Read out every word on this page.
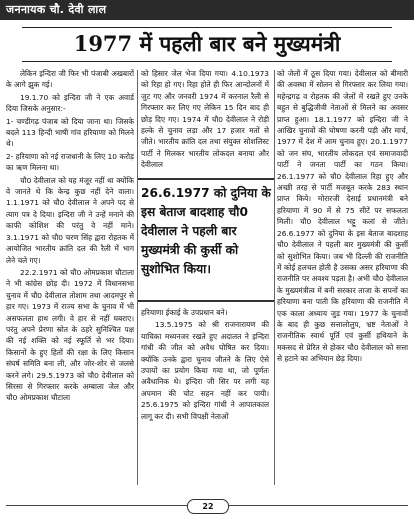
जननायक चौ. देवी लाल
1977 में पहली बार बने मुख्यमंत्री

लेकिन इन्दिरा जी फिर भी पंजाबी अखबारों के आगे झुक गई।

19.1.70 को इन्दिरा जी ने एक अवार्ड दिया जिसके अनुसार:-

1- चण्डीगढ़ पंजाब को दिया जाना था। जिसके बदले 113 हिन्दी भाषी गांव हरियाणा को मिलने थे।

2- हरियाणा को नई राजधानी के लिए 10 करोड़ का ऋण मिलना था।

चौ0 देवीलाल को यह मंजूर नहीं था क्योंकि वे जानते थे कि केन्द्र कुछ नहीं देने वाला। 1.1.1971 को चौ0 देवीलाल ने अपने पद से त्याग पत्र दे दिया। इन्दिरा जी ने उन्हें मनाने की काफी कोशिश की परंतु वे नहीं माने। 3.1.1971 को चौ0 चरण सिंह द्वारा रोहतक में आयोजित भारतीय क्रांति दल की रैली में भाग लेने चले गए।

22.2.1971 को चौ0 ओमप्रकाश चौटाला ने भी कांग्रेस छोड़ दी। 1972 में विधानसभा चुनाव में चौ0 देवीलाल तोशाम तथा आदमपुर से हार गए। 1973 में राज्य सभा के चुनाव में भी असफलता हाथ लगी। वे हार से नहीं घबराए। परंतु अपने प्रेरणा स्रोत के ठहरे सुनिश्चित पक्ष की नई शक्ति को नई स्फूर्ति से भर दिया। किसानों के हुए हितों की रक्षा के लिए किसान संघर्ष समिति बना ली, और जोर-शोर से जलसे करने लगे। 29.5.1973 को चौ0 देवीलाल को सिरसा से गिरफ्तार करके अम्बाला जेल और चौ0 ओमप्रकाश चौटाला

को हिसार जेल भेज दिया गया। 4.10.1973 को रिहा हो गए। रिहा होते ही फिर आन्दोलनों में जुट गए और जनवरी 1974 में करनाल रैली से गिरफ्तार कर लिए गए लेकिन 15 दिन बाद ही छोड़ दिए गए। 1974 में चौ0 देवीलाल ने रोड़ी हल्के से चुनाव लड़ा और 17 हजार मतों से जीते। भारतीय क्रांति दल तथा संयुक्त सोशलिस्ट पार्टी ने मिलकर भारतीय लोकदल बनाया और देवीलाल

26.6.1977 को दुनिया के इस बेताज बादशाह चौ0 देवीलाल ने पहली बार मुख्यमंत्री की कुर्सी को सुशोभित किया।

हरियाणा ईकाई के उपप्रधान बने।

13.5.1975 को श्री राजनारायण की याचिका मध्यनजर रखते हुए अदालत ने इन्दिरा गांधी की जीत को अवैध घोषित कर दिया। क्योंकि उनके द्वारा चुनाव जीतने के लिए ऐसे उपायों का प्रयोग किया गया था, जो पूर्णतः अवैधानिक थे। इन्दिरा जी सिर पर लगी यह अपमान की चोट सहन नहीं कर पायी। 25.6.1975 को इन्दिरा गांधी ने आपातकाल लागू कर दी। सभी विपक्षी नेताओं

को जेलों में ठूस दिया गया। देवीलाल को बीमारी की अवस्था में सोलन से गिरफ्तार कर लिया गया। महेन्द्रगढ़ व रोहतक की जेलों में रखते हुए उनके बहुत से बुद्धिजीवी नेताओं से मिलने का अवसर प्राप्त हुआ। 18.1.1977 को इन्दिरा जी ने आखिर चुनावों की घोषणा करनी पड़ी और मार्च, 1977 में देश में आम चुनाव हुए। 20.1.1977 को जन संघ, भारतीय लोकदल एवं समाजवादी पार्टी ने जनता पार्टी का गठन किया। 26.1.1977 को चौ0 देवीलाल रिहा हुए और अच्छी तरह से पार्टी मजबूत करके 283 स्थान प्राप्त किये। मोरारजी देसाई प्रधानमंत्री बने हरियाणा में 90 में से 75 सीटें पर सफलता मिली। चौ0 देवीलाल भट्टू कलां से जीते। 26.6.1977 को दुनिया के इस बेताज बादशाह चौ0 देवीलाल ने पहली बार मुख्यमंत्री की कुर्सी को सुशोभित किया। जब भी दिल्ली की राजनीति में कोई हलचल होती है उसका असर हरियाणा की राजनीति पर अवश्य पड़ता है। अभी चौ0 देवीलाल के मुख्यमंत्रीत्व में बनी सरकार ताजा के सपनों का हरियाणा बना पाती कि हरियाणा की राजनीति में एक काला अध्याय जुड़ गया। 1977 के चुनावों के बाद ही कुछ सत्तालोलुप, भ्रष्ट नेताओं ने राजनीतिक स्वार्थ पूर्ति एवं कुर्सी हथियाने के मकसद से प्रेरित से होकर चौ0 देवीलाल को सत्ता से हटाने का अभियान छेड़ दिया।

22
